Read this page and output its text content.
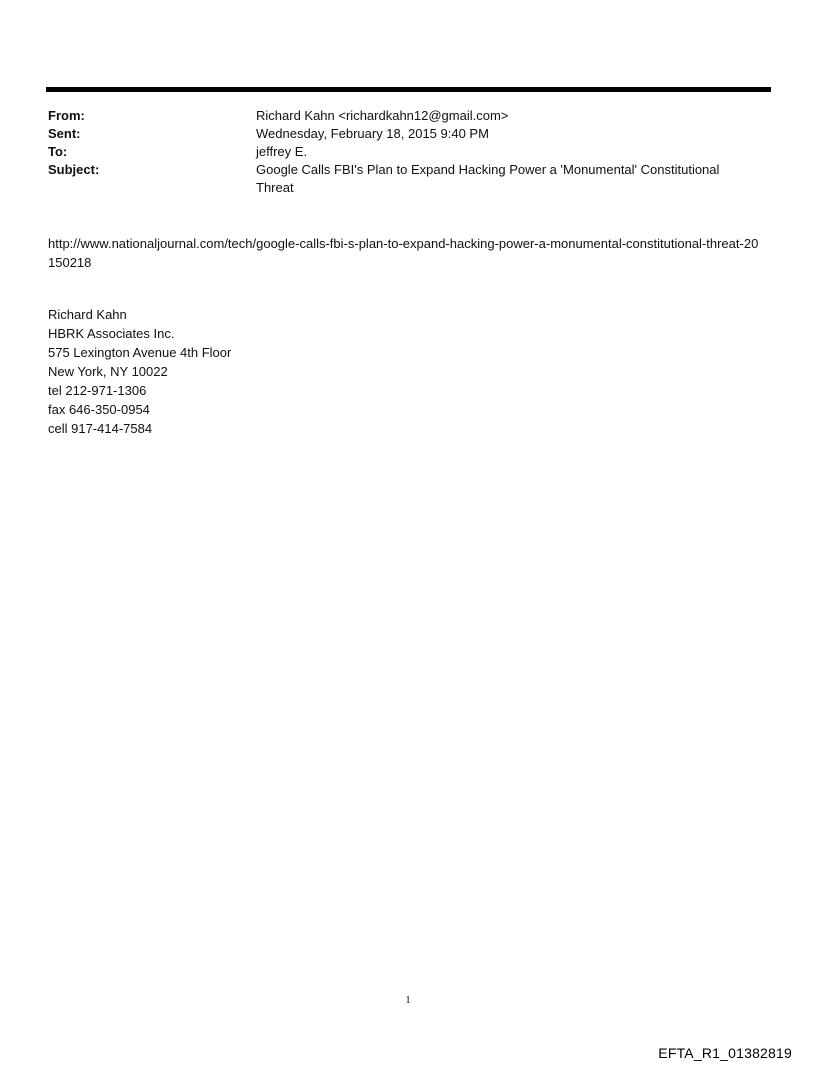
From:	Richard Kahn <richardkahn12@gmail.com>
Sent:	Wednesday, February 18, 2015 9:40 PM
To:	jeffrey E.
Subject:	Google Calls FBI's Plan to Expand Hacking Power a 'Monumental' Constitutional Threat
http://www.nationaljournal.com/tech/google-calls-fbi-s-plan-to-expand-hacking-power-a-monumental-constitutional-threat-20150218
Richard Kahn
HBRK Associates Inc.
575 Lexington Avenue 4th Floor
New York, NY 10022
tel 212-971-1306
fax 646-350-0954
cell 917-414-7584
1
EFTA_R1_01382819
